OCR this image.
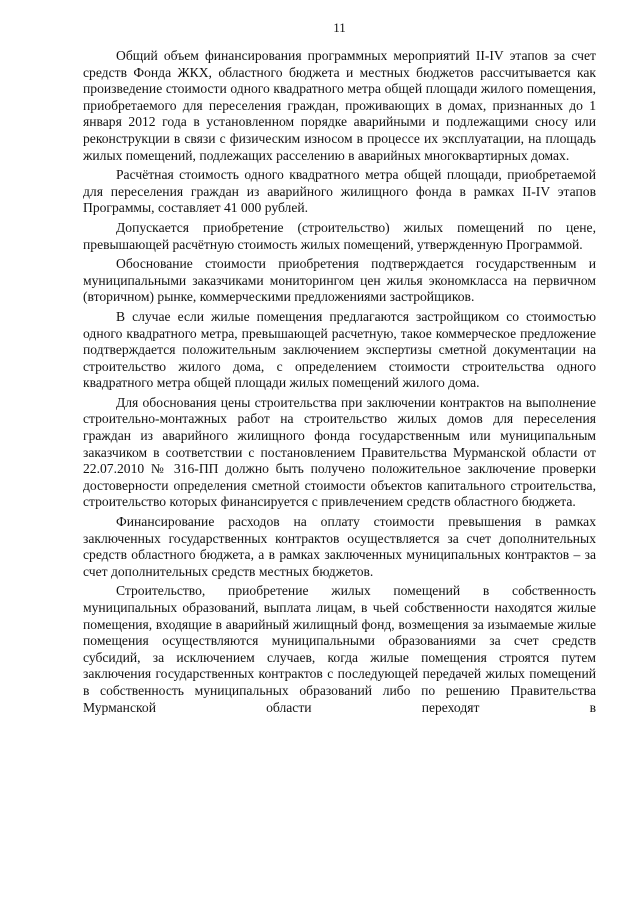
11

Общий объем финансирования программных мероприятий II-IV этапов за счет средств Фонда ЖКХ, областного бюджета и местных бюджетов рассчитывается как произведение стоимости одного квадратного метра общей площади жилого помещения, приобретаемого для переселения граждан, проживающих в домах, признанных до 1 января 2012 года в установленном порядке аварийными и подлежащими сносу или реконструкции в связи с физическим износом в процессе их эксплуатации, на площадь жилых помещений, подлежащих расселению в аварийных многоквартирных домах.

Расчётная стоимость одного квадратного метра общей площади, приобретаемой для переселения граждан из аварийного жилищного фонда в рамках II-IV этапов Программы, составляет 41 000 рублей.

Допускается приобретение (строительство) жилых помещений по цене, превышающей расчётную стоимость жилых помещений, утвержденную Программой.

Обоснование стоимости приобретения подтверждается государственным и муниципальными заказчиками мониторингом цен жилья экономкласса на первичном (вторичном) рынке, коммерческими предложениями застройщиков.

В случае если жилые помещения предлагаются застройщиком со стоимостью одного квадратного метра, превышающей расчетную, такое коммерческое предложение подтверждается положительным заключением экспертизы сметной документации на строительство жилого дома, с определением стоимости строительства одного квадратного метра общей площади жилых помещений жилого дома.

Для обоснования цены строительства при заключении контрактов на выполнение строительно-монтажных работ на строительство жилых домов для переселения граждан из аварийного жилищного фонда государственным или муниципальным заказчиком в соответствии с постановлением Правительства Мурманской области от 22.07.2010 № 316-ПП должно быть получено положительное заключение проверки достоверности определения сметной стоимости объектов капитального строительства, строительство которых финансируется с привлечением средств областного бюджета.

Финансирование расходов на оплату стоимости превышения в рамках заключенных государственных контрактов осуществляется за счет дополнительных средств областного бюджета, а в рамках заключенных муниципальных контрактов – за счет дополнительных средств местных бюджетов.

Строительство, приобретение жилых помещений в собственность муниципальных образований, выплата лицам, в чьей собственности находятся жилые помещения, входящие в аварийный жилищный фонд, возмещения за изымаемые жилые помещения осуществляются муниципальными образованиями за счет средств субсидий, за исключением случаев, когда жилые помещения строятся путем заключения государственных контрактов с последующей передачей жилых помещений в собственность муниципальных образований либо по решению Правительства Мурманской области переходят в
